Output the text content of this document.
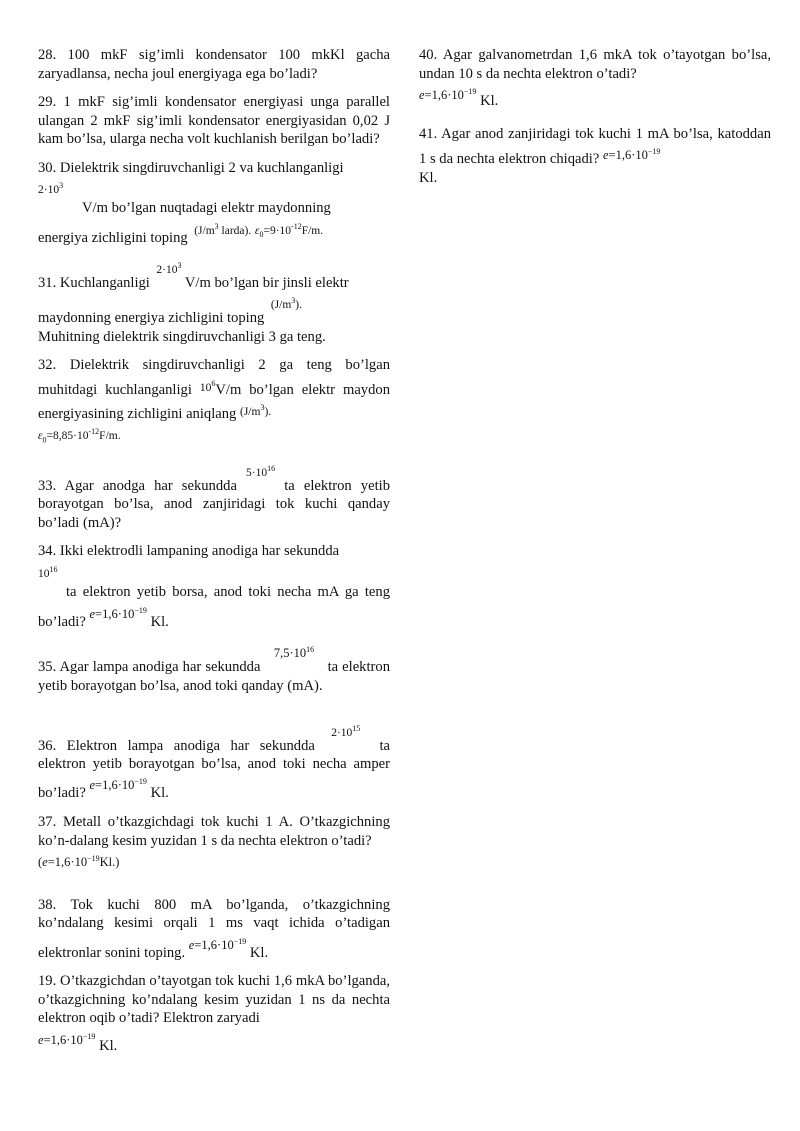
28. 100 mkF sig’imli kondensator 100 mkKl gacha zaryadlansa, necha joul energiyaga ega bo’ladi?

29. 1 mkF sig’imli kondensator energiyasi unga parallel ulangan 2 mkF sig’imli kondensator energiyasidan 0,02 J kam bo’lsa, ularga necha volt kuchlanish berilgan bo’ladi?

30. Dielektrik singdiruvchanligi 2 va kuchlanganligi
$2\cdot 10^3$
V/m bo’lgan nuqtadagi elektr maydonning
energiya zichligini toping ($J/m^3$ larda). $\varepsilon_0=9\cdot 10^{-12}F/m$.

31. Kuchlanganligi  $2\cdot 10^3$ V/m bo’lgan bir jinsli elektr
maydonning energiya zichligini toping  $(J/m^3)$.
Muhitning dielektrik singdiruvchanligi 3 ga teng.

32. Dielektrik singdiruvchanligi 2 ga teng bo’lgan muhitdagi kuchlanganligi $^{10^6}$V/m bo’lgan elektr maydon energiyasining zichligini aniqlang $^{(J/m^3).}$
$\varepsilon_0=8,85\cdot 10^{-12}F/m$.

33. Agar anodga har sekundda $5\cdot 10^{16}$ ta elektron yetib borayotgan bo’lsa, anod zanjiridagi tok kuchi qanday bo’ladi (mA)?

34. Ikki elektrodli lampaning anodiga har sekundda
$10^{16}$
ta elektron yetib borsa, anod toki necha mA ga teng bo’ladi? $e=1,6\cdot 10^{-19}$ Kl.

35. Agar lampa anodiga har sekundda    $7,5\cdot 10^{16}$    ta elektron yetib borayotgan bo’lsa, anod toki qanday (mA).

36. Elektron lampa anodiga har sekundda   $2\cdot 10^{15}$    ta elektron yetib borayotgan bo’lsa, anod toki necha amper bo’ladi? $e=1,6\cdot 10^{-19}$ Kl.

37. Metall o’tkazgichdagi tok kuchi 1 A. O’tkazgichning ko’n-dalang kesim yuzidan 1 s da nechta elektron o’tadi?
$(e=1,6\cdot 10^{-19}Kl.)$

38. Tok kuchi 800 mA bo’lganda, o’tkazgichning ko’ndalang kesimi orqali 1 ms vaqt ichida o’tadigan elektronlar sonini toping. $e=1,6\cdot 10^{-19}$ Kl.

19. O’tkazgichdan o’tayotgan tok kuchi 1,6 mkA bo’lganda, o’tkazgichning ko’ndalang kesim yuzidan 1 ns da nechta elektron oqib o’tadi? Elektron zaryadi
$e=1,6\cdot 10^{-19}$ Kl.

40. Agar galvanometrdan 1,6 mkA tok o’tayotgan bo’lsa, undan 10 s da nechta elektron o’tadi?
$e=1,6\cdot 10^{-19}$ Kl.

41. Agar anod zanjiridagi tok kuchi 1 mA bo’lsa, katoddan 1 s da nechta elektron chiqadi? $e=1,6\cdot 10^{-19}$
Kl.
